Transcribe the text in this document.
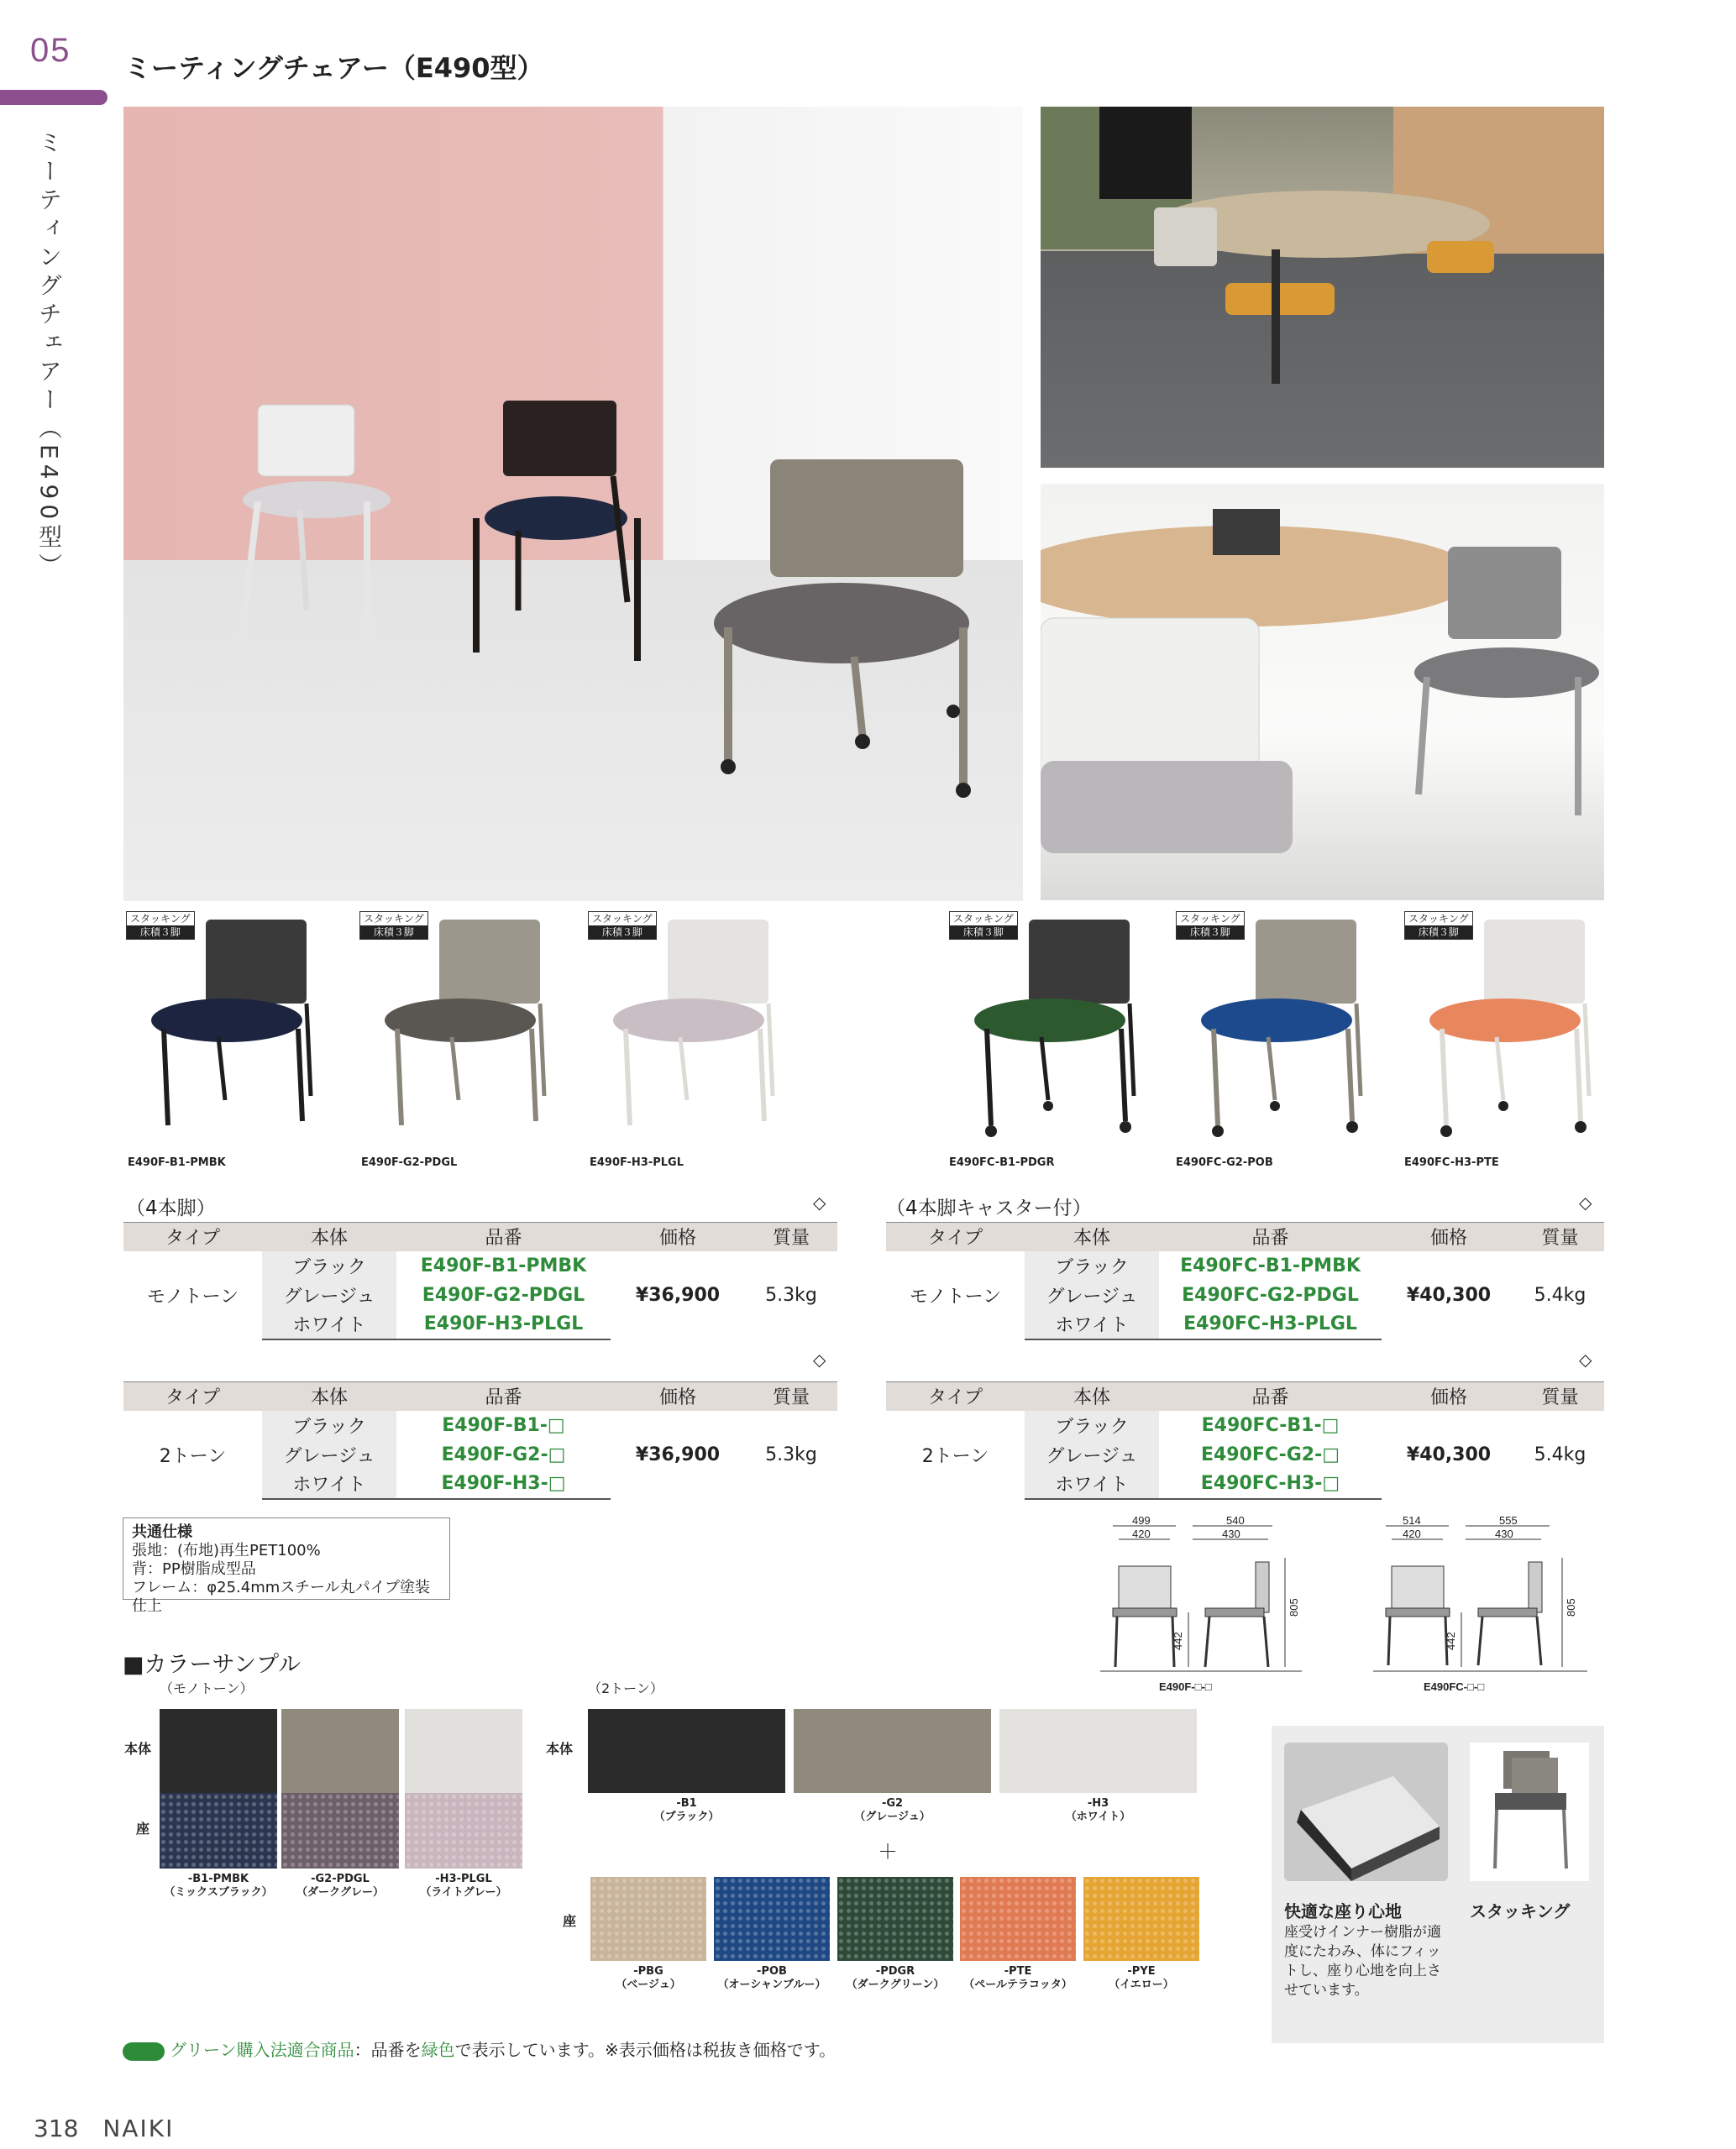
05
ミーティングチェアー（E490型）
ミーティングチェアー（E490型）
スタッキング
床積３脚
E490F-B1-PMBK
スタッキング
床積３脚
E490F-G2-PDGL
スタッキング
床積３脚
E490F-H3-PLGL
スタッキング
床積３脚
E490FC-B1-PDGR
スタッキング
床積３脚
E490FC-G2-POB
スタッキング
床積３脚
E490FC-H3-PTE
（4本脚）	◇	（4本脚キャスター付）	◇
◇	◇
タイプ	本体	品番	価格	質量
モノトーン	ブラック	E490F-B1-PMBK	¥36,900	5.3kg
	グレージュ	E490F-G2-PDGL		
	ホワイト	E490F-H3-PLGL		
タイプ	本体	品番	価格	質量
モノトーン	ブラック	E490FC-B1-PMBK	¥40,300	5.4kg
	グレージュ	E490FC-G2-PDGL		
	ホワイト	E490FC-H3-PLGL		
タイプ	本体	品番	価格	質量
2トーン	ブラック	E490F-B1-□	¥36,900	5.3kg
	グレージュ	E490F-G2-□		
	ホワイト	E490F-H3-□		
タイプ	本体	品番	価格	質量
2トーン	ブラック	E490FC-B1-□	¥40,300	5.4kg
	グレージュ	E490FC-G2-□		
	ホワイト	E490FC-H3-□		
共通仕様
張地：(布地)再生PET100%
背：PP樹脂成型品
フレーム：φ25.4mmスチール丸パイプ塗装仕上
499
420
540
430
805
442
E490F-□-□
514
420
555
430
805
442
E490FC-□-□
■カラーサンプル
（モノトーン）	（2トーン）
本体
座
本体
座
＋
-B1-PMBK
（ミックスブラック）
-G2-PDGL
（ダークグレー）
-H3-PLGL
（ライトグレー）
-B1
（ブラック）
-G2
（グレージュ）
-H3
（ホワイト）
-PBG
（ベージュ）
-POB
（オーシャンブルー）
-PDGR
（ダークグリーン）
-PTE
（ペールテラコッタ）
-PYE
（イエロー）
快適な座り心地
座受けインナー樹脂が適度にたわみ、体にフィットし、座り心地を向上させています。
スタッキング
グリーン購入法適合商品：品番を緑色で表示しています。※表示価格は税抜き価格です。
318 NAIKI
